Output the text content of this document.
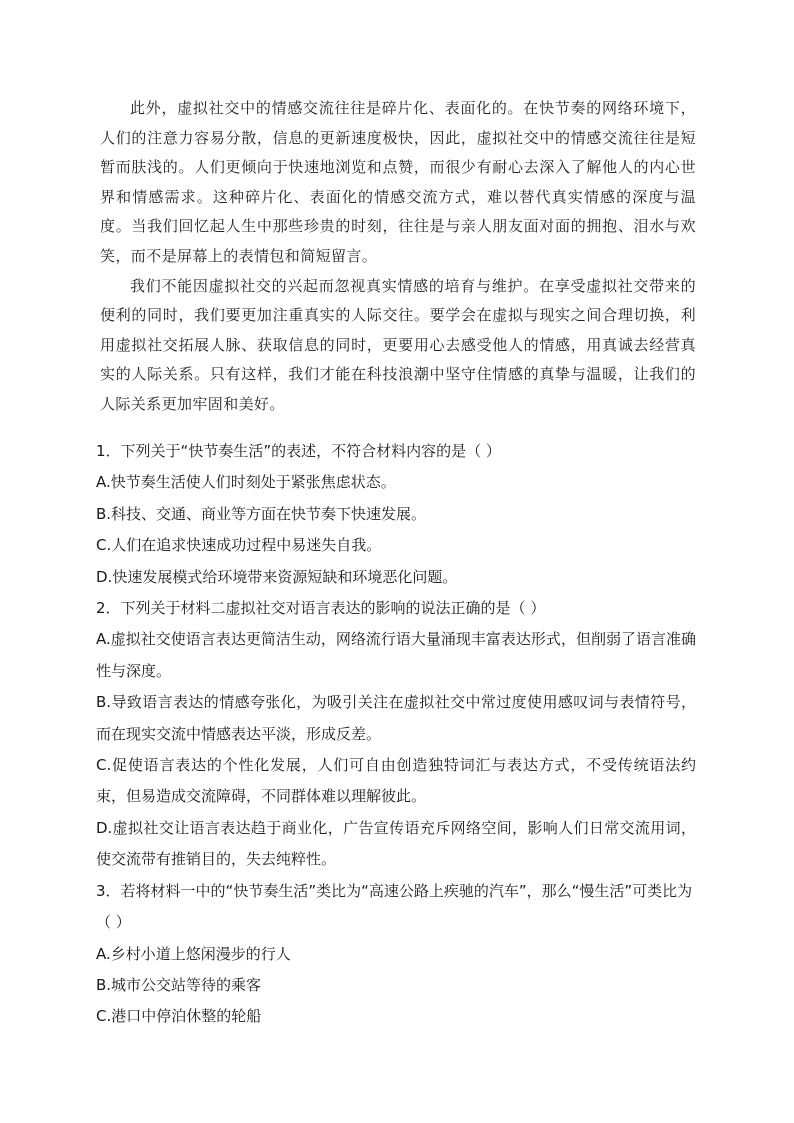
此外，虚拟社交中的情感交流往往是碎片化、表面化的。在快节奏的网络环境下，人们的注意力容易分散，信息的更新速度极快，因此，虚拟社交中的情感交流往往是短暂而肤浅的。人们更倾向于快速地浏览和点赞，而很少有耐心去深入了解他人的内心世界和情感需求。这种碎片化、表面化的情感交流方式，难以替代真实情感的深度与温度。当我们回忆起人生中那些珍贵的时刻，往往是与亲人朋友面对面的拥抱、泪水与欢笑，而不是屏幕上的表情包和简短留言。

我们不能因虚拟社交的兴起而忽视真实情感的培育与维护。在享受虚拟社交带来的便利的同时，我们要更加注重真实的人际交往。要学会在虚拟与现实之间合理切换，利用虚拟社交拓展人脉、获取信息的同时，更要用心去感受他人的情感，用真诚去经营真实的人际关系。只有这样，我们才能在科技浪潮中坚守住情感的真挚与温暖，让我们的人际关系更加牢固和美好。

1．下列关于“快节奏生活”的表述，不符合材料内容的是（ ）

A.快节奏生活使人们时刻处于紧张焦虑状态。

B.科技、交通、商业等方面在快节奏下快速发展。

C.人们在追求快速成功过程中易迷失自我。

D.快速发展模式给环境带来资源短缺和环境恶化问题。

2．下列关于材料二虚拟社交对语言表达的影响的说法正确的是（ ）

A.虚拟社交使语言表达更简洁生动，网络流行语大量涌现丰富表达形式，但削弱了语言准确性与深度。

B.导致语言表达的情感夸张化，为吸引关注在虚拟社交中常过度使用感叹词与表情符号，而在现实交流中情感表达平淡，形成反差。

C.促使语言表达的个性化发展，人们可自由创造独特词汇与表达方式，不受传统语法约束，但易造成交流障碍，不同群体难以理解彼此。

D.虚拟社交让语言表达趋于商业化，广告宣传语充斥网络空间，影响人们日常交流用词，使交流带有推销目的，失去纯粹性。

3．若将材料一中的“快节奏生活”类比为“高速公路上疾驰的汽车”，那么“慢生活”可类比为（ ）

A.乡村小道上悠闲漫步的行人

B.城市公交站等待的乘客

C.港口中停泊休整的轮船
